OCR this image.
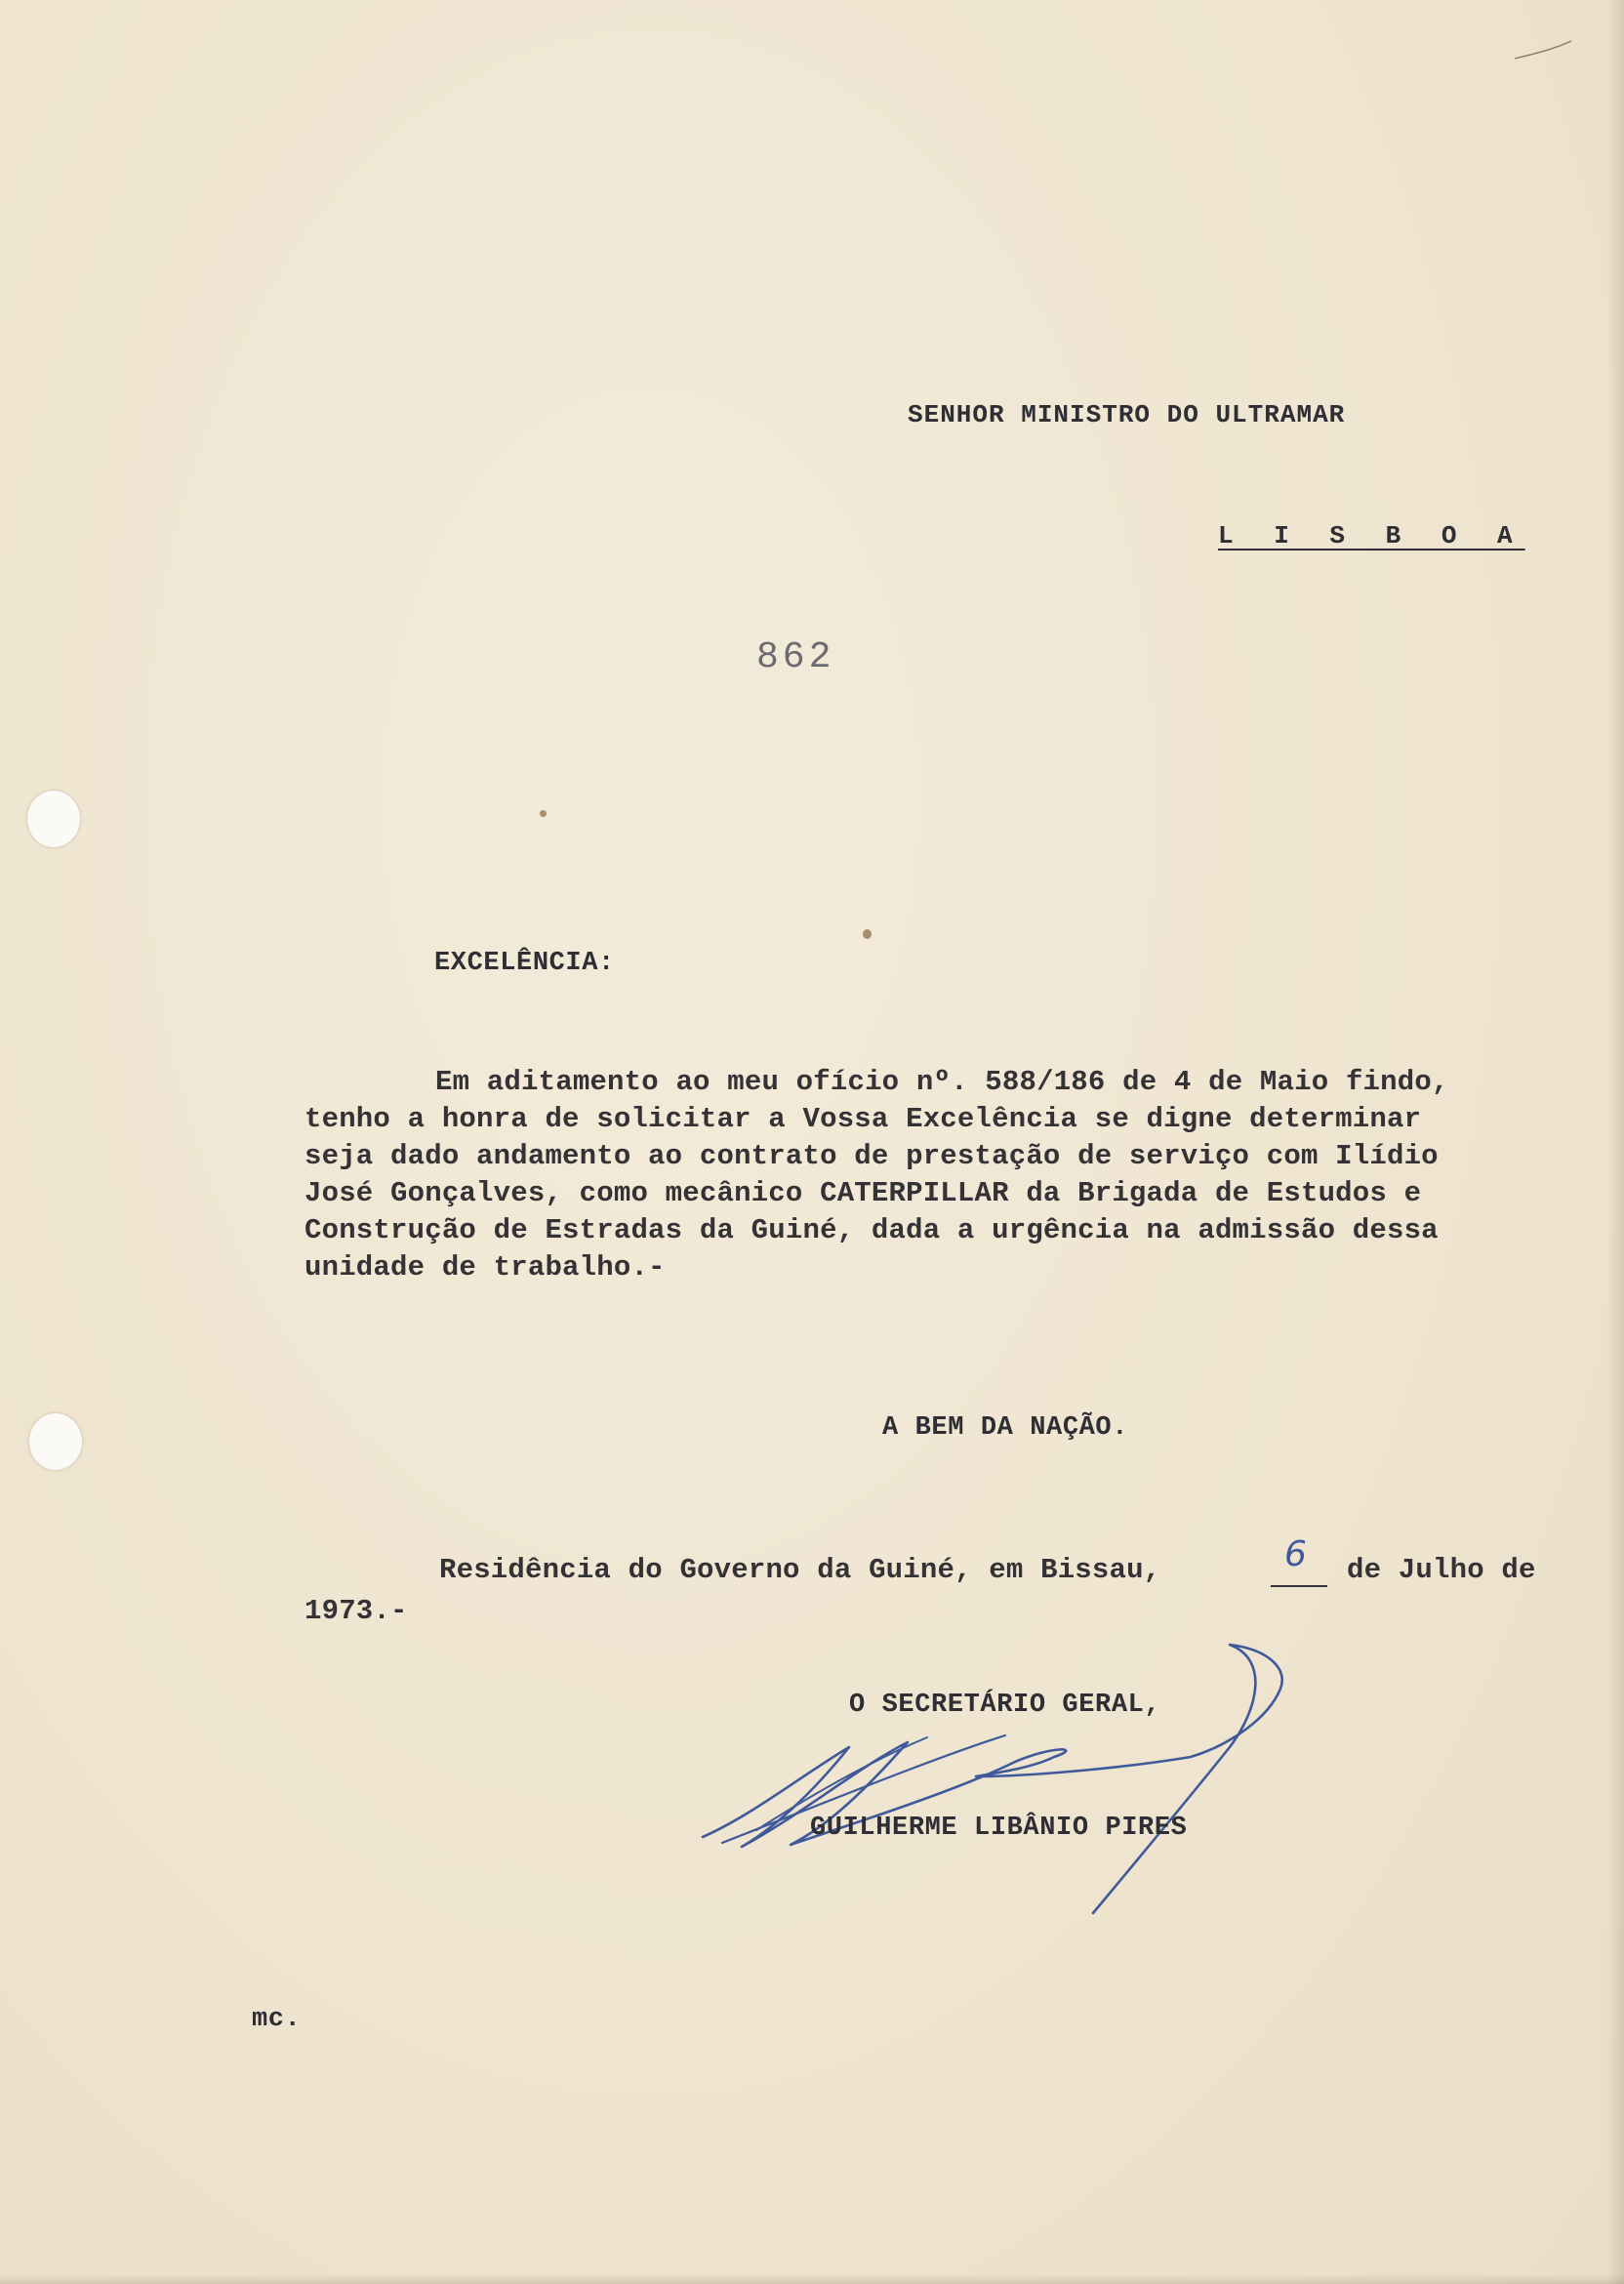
SENHOR MINISTRO DO ULTRAMAR
L I S B O A
862
EXCELÊNCIA:
Em aditamento ao meu ofício nº. 588/186 de 4 de Maio findo,
tenho a honra de solicitar a Vossa Excelência se digne determinar
seja dado andamento ao contrato de prestação de serviço com Ilídio
José Gonçalves, como mecânico CATERPILLAR da Brigada de Estudos e
Construção de Estradas da Guiné, dada a urgência na admissão dessa
unidade de trabalho.-
A BEM DA NAÇÃO.
Residência do Governo da Guiné, em Bissau,	6 de Julho de
1973.-
O SECRETÁRIO GERAL,
GUILHERME LIBÂNIO PIRES
mc.
